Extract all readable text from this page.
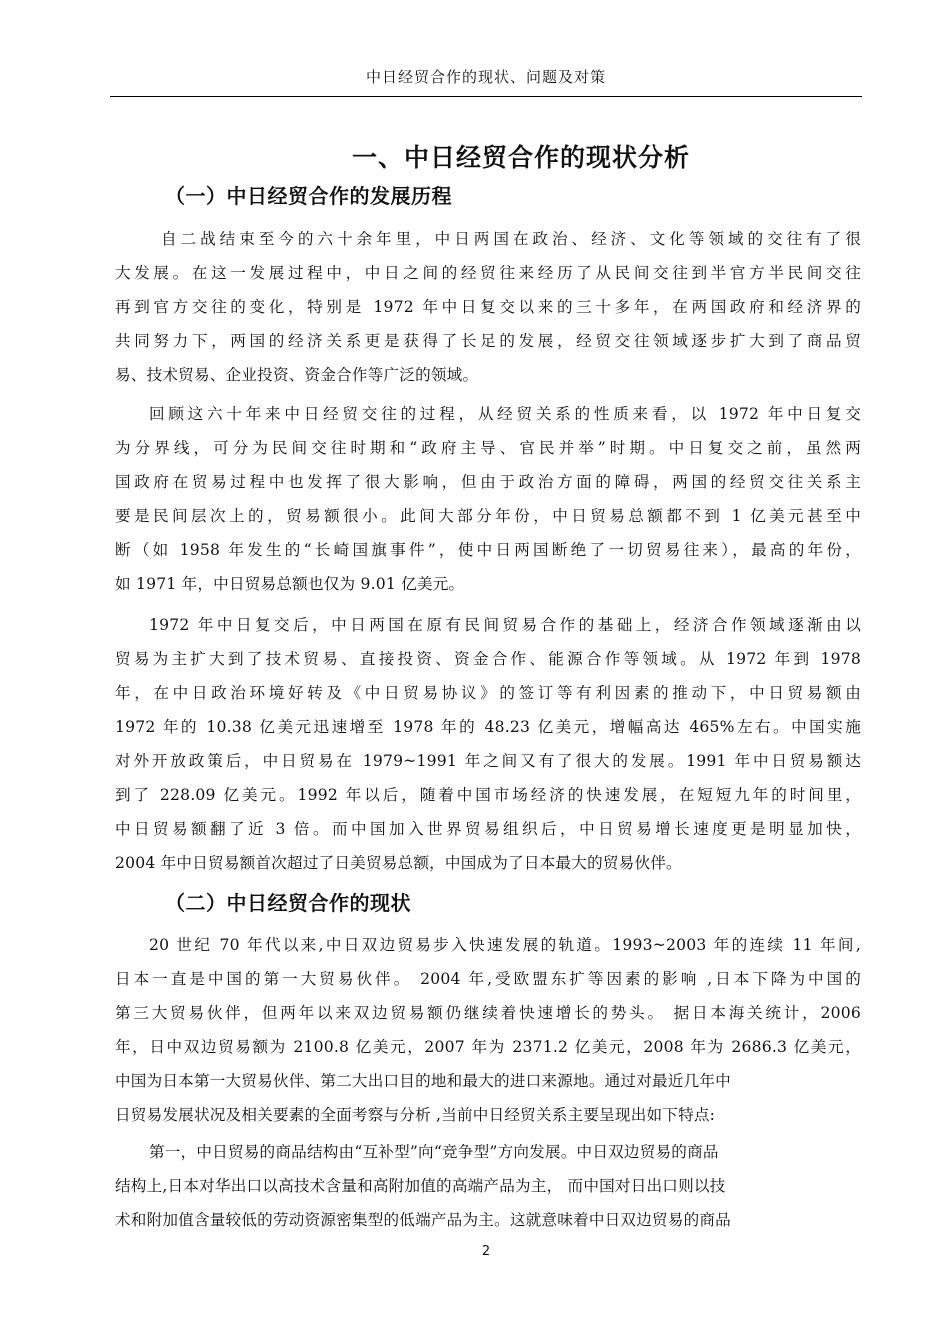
中日经贸合作的现状、问题及对策
一、中日经贸合作的现状分析
（一）中日经贸合作的发展历程
自二战结束至今的六十余年里，中日两国在政治、经济、文化等领域的交往有了很
大发展。在这一发展过程中，中日之间的经贸往来经历了从民间交往到半官方半民间交往
再到官方交往的变化，特别是 1972 年中日复交以来的三十多年，在两国政府和经济界的
共同努力下，两国的经济关系更是获得了长足的发展，经贸交往领域逐步扩大到了商品贸
易、技术贸易、企业投资、资金合作等广泛的领域。
回顾这六十年来中日经贸交往的过程，从经贸关系的性质来看，以 1972 年中日复交
为分界线，可分为民间交往时期和“政府主导、官民并举”时期。中日复交之前，虽然两
国政府在贸易过程中也发挥了很大影响，但由于政治方面的障碍，两国的经贸交往关系主
要是民间层次上的，贸易额很小。此间大部分年份，中日贸易总额都不到 1 亿美元甚至中
断（如 1958 年发生的“长崎国旗事件”，使中日两国断绝了一切贸易往来），最高的年份，
如 1971 年，中日贸易总额也仅为 9.01 亿美元。
1972 年中日复交后，中日两国在原有民间贸易合作的基础上，经济合作领域逐渐由以
贸易为主扩大到了技术贸易、直接投资、资金合作、能源合作等领域。从 1972 年到 1978
年，在中日政治环境好转及《中日贸易协议》的签订等有利因素的推动下，中日贸易额由
1972 年的 10.38 亿美元迅速增至 1978 年的 48.23 亿美元，增幅高达 465%左右。中国实施
对外开放政策后，中日贸易在 1979~1991 年之间又有了很大的发展。1991 年中日贸易额达
到了 228.09 亿美元。1992 年以后，随着中国市场经济的快速发展，在短短九年的时间里，
中日贸易额翻了近 3 倍。而中国加入世界贸易组织后，中日贸易增长速度更是明显加快，
2004 年中日贸易额首次超过了日美贸易总额，中国成为了日本最大的贸易伙伴。
（二）中日经贸合作的现状
20 世纪 70 年代以来,中日双边贸易步入快速发展的轨道。1993~2003 年的连续 11 年间,
日本一直是中国的第一大贸易伙伴。 2004 年,受欧盟东扩等因素的影响 ,日本下降为中国的
第三大贸易伙伴，但两年以来双边贸易额仍继续着快速增长的势头。 据日本海关统计，2006
年，日中双边贸易额为 2100.8 亿美元，2007 年为 2371.2 亿美元，2008 年为 2686.3 亿美元，
中国为日本第一大贸易伙伴、第二大出口目的地和最大的进口来源地。通过对最近几年中
日贸易发展状况及相关要素的全面考察与分析 ,当前中日经贸关系主要呈现出如下特点:
第一，中日贸易的商品结构由“互补型”向“竞争型”方向发展。中日双边贸易的商品
结构上,日本对华出口以高技术含量和高附加值的高端产品为主， 而中国对日出口则以技
术和附加值含量较低的劳动资源密集型的低端产品为主。这就意味着中日双边贸易的商品
2
